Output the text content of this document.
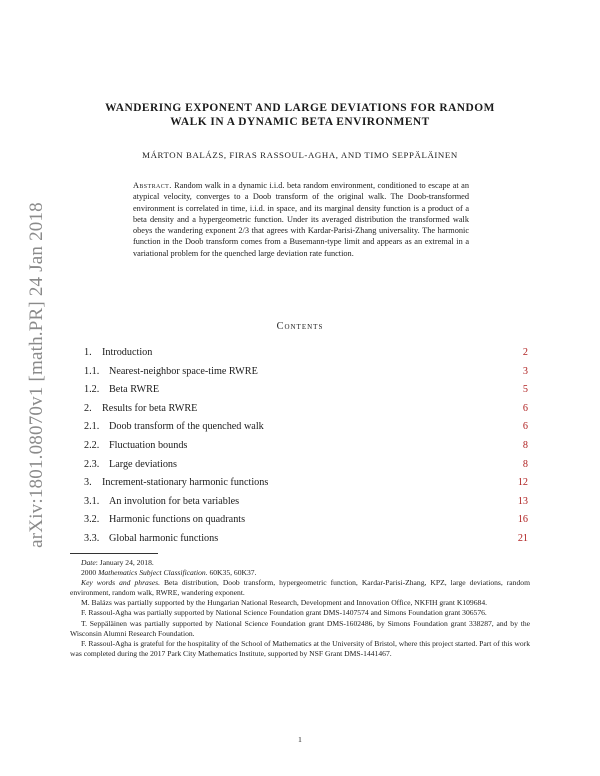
arXiv:1801.08070v1 [math.PR] 24 Jan 2018
WANDERING EXPONENT AND LARGE DEVIATIONS FOR RANDOM
WALK IN A DYNAMIC BETA ENVIRONMENT
MÁRTON BALÁZS, FIRAS RASSOUL-AGHA, AND TIMO SEPPÄLÄINEN
Abstract. Random walk in a dynamic i.i.d. beta random environment, conditioned to escape at an atypical velocity, converges to a Doob transform of the original walk. The Doob-transformed environment is correlated in time, i.i.d. in space, and its marginal density function is a product of a beta density and a hypergeometric function. Under its averaged distribution the transformed walk obeys the wandering exponent 2/3 that agrees with Kardar-Parisi-Zhang universality. The harmonic function in the Doob transform comes from a Busemann-type limit and appears as an extremal in a variational problem for the quenched large deviation rate function.
Contents
1. Introduction	2
1.1. Nearest-neighbor space-time RWRE	3
1.2. Beta RWRE	5
2. Results for beta RWRE	6
2.1. Doob transform of the quenched walk	6
2.2. Fluctuation bounds	8
2.3. Large deviations	8
3. Increment-stationary harmonic functions	12
3.1. An involution for beta variables	13
3.2. Harmonic functions on quadrants	16
3.3. Global harmonic functions	21

Date: January 24, 2018.

2000 Mathematics Subject Classification. 60K35, 60K37.

Key words and phrases. Beta distribution, Doob transform, hypergeometric function, Kardar-Parisi-Zhang, KPZ, large deviations, random environment, random walk, RWRE, wandering exponent.

M. Balázs was partially supported by the Hungarian National Research, Development and Innovation Office, NKFIH grant K109684.

F. Rassoul-Agha was partially supported by National Science Foundation grant DMS-1407574 and Simons Foundation grant 306576.

T. Seppäläinen was partially supported by National Science Foundation grant DMS-1602486, by Simons Foundation grant 338287, and by the Wisconsin Alumni Research Foundation.

F. Rassoul-Agha is grateful for the hospitality of the School of Mathematics at the University of Bristol, where this project started. Part of this work was completed during the 2017 Park City Mathematics Institute, supported by NSF Grant DMS-1441467.

1
